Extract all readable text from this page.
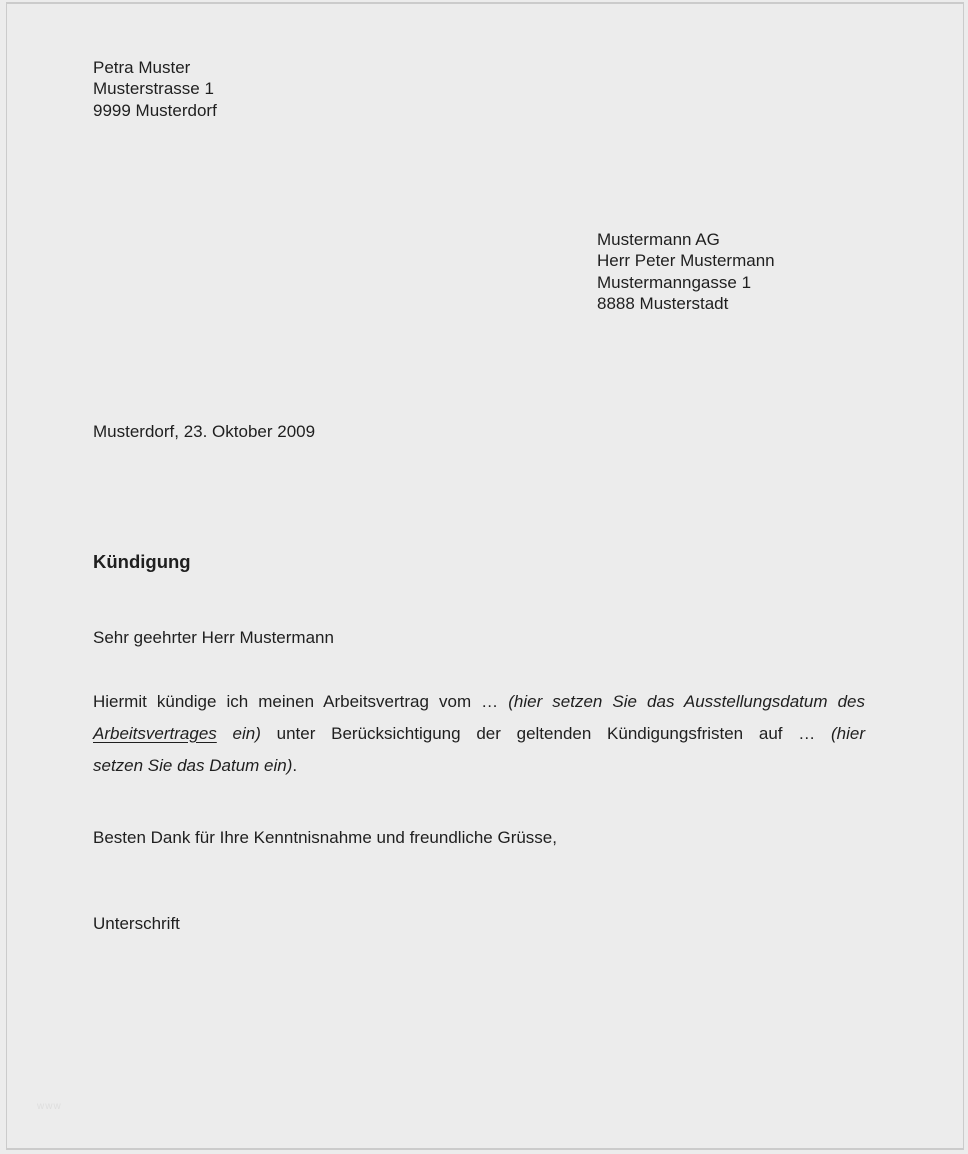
Petra Muster
Musterstrasse 1
9999 Musterdorf
Mustermann AG
Herr Peter Mustermann
Mustermanngasse 1
8888 Musterstadt
Musterdorf, 23. Oktober 2009
Kündigung
Sehr geehrter Herr Mustermann
Hiermit kündige ich meinen Arbeitsvertrag vom … (hier setzen Sie das Ausstellungsdatum des
Arbeitsvertrages ein) unter Berücksichtigung der geltenden Kündigungsfristen auf … (hier
setzen Sie das Datum ein).
Besten Dank für Ihre Kenntnisnahme und freundliche Grüsse,
Unterschrift
www
